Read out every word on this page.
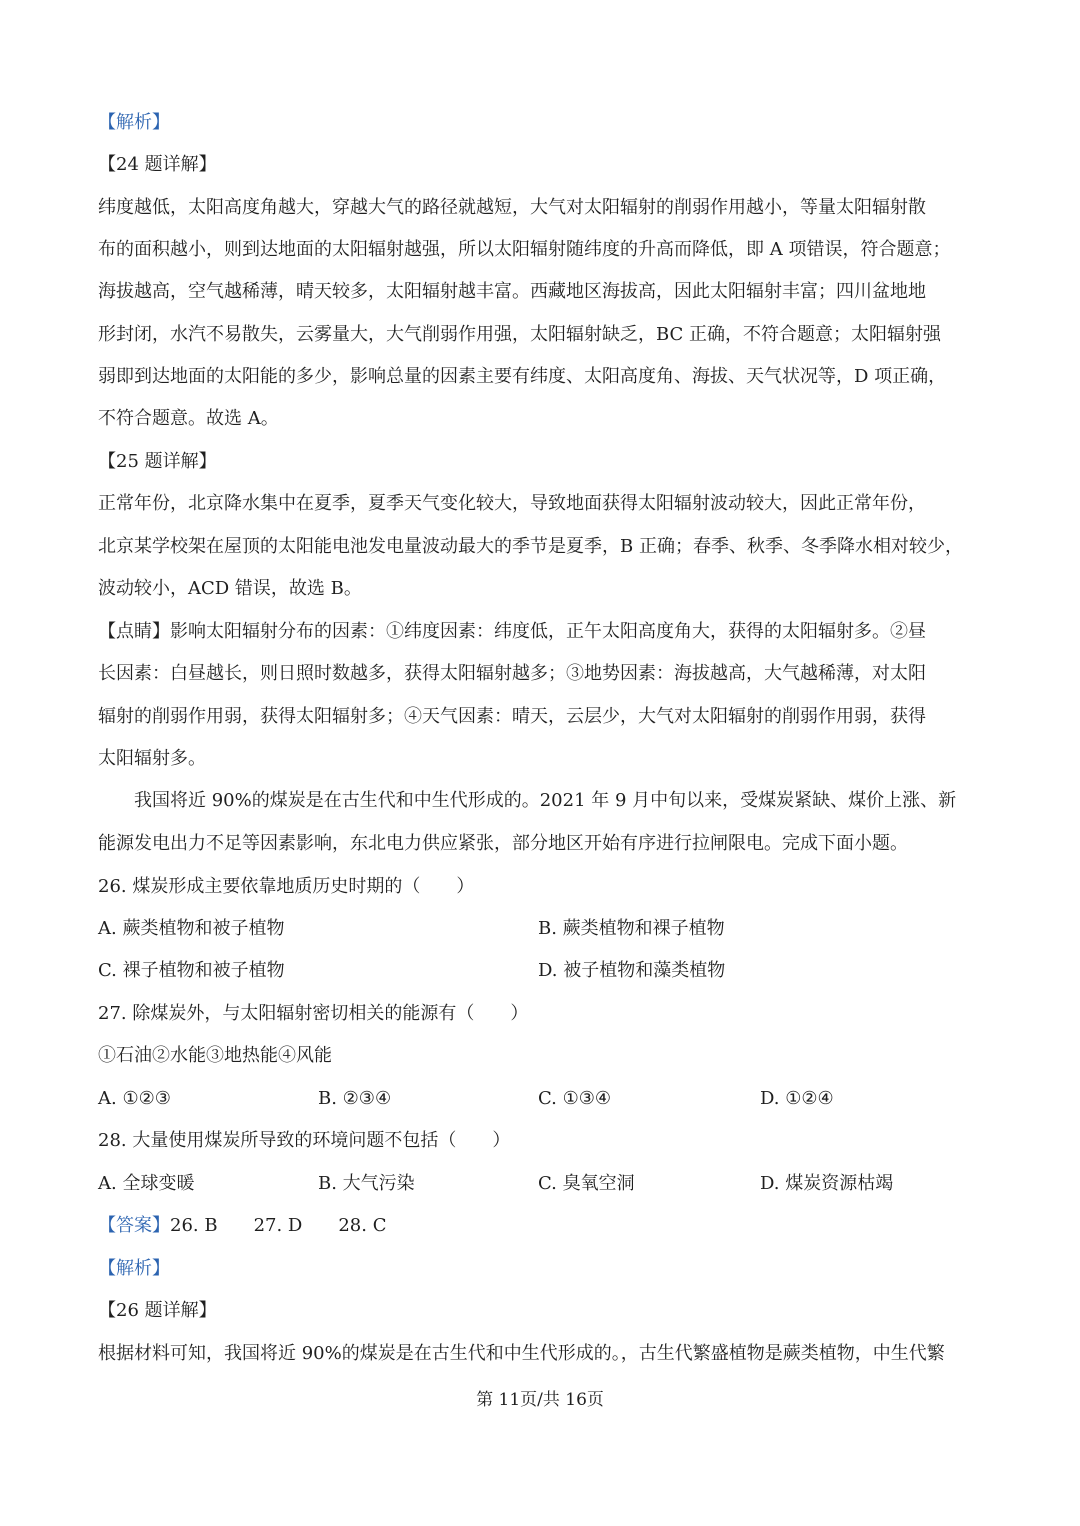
【解析】
【24 题详解】
纬度越低，太阳高度角越大，穿越大气的路径就越短，大气对太阳辐射的削弱作用越小，等量太阳辐射散
布的面积越小，则到达地面的太阳辐射越强，所以太阳辐射随纬度的升高而降低，即 A 项错误，符合题意；
海拔越高，空气越稀薄，晴天较多，太阳辐射越丰富。西藏地区海拔高，因此太阳辐射丰富；四川盆地地
形封闭，水汽不易散失，云雾量大，大气削弱作用强，太阳辐射缺乏，BC 正确，不符合题意；太阳辐射强
弱即到达地面的太阳能的多少，影响总量的因素主要有纬度、太阳高度角、海拔、天气状况等，D 项正确，
不符合题意。故选 A。
【25 题详解】
正常年份，北京降水集中在夏季，夏季天气变化较大，导致地面获得太阳辐射波动较大，因此正常年份，
北京某学校架在屋顶的太阳能电池发电量波动最大的季节是夏季，B 正确；春季、秋季、冬季降水相对较少，
波动较小，ACD 错误，故选 B。
【点睛】影响太阳辐射分布的因素：①纬度因素：纬度低，正午太阳高度角大，获得的太阳辐射多。②昼
长因素：白昼越长，则日照时数越多，获得太阳辐射越多；③地势因素：海拔越高，大气越稀薄，对太阳
辐射的削弱作用弱，获得太阳辐射多；④天气因素：晴天，云层少，大气对太阳辐射的削弱作用弱，获得
太阳辐射多。
我国将近 90%的煤炭是在古生代和中生代形成的。2021 年 9 月中旬以来，受煤炭紧缺、煤价上涨、新
能源发电出力不足等因素影响，东北电力供应紧张，部分地区开始有序进行拉闸限电。完成下面小题。
26. 煤炭形成主要依靠地质历史时期的（　　）
A. 蕨类植物和被子植物	B. 蕨类植物和裸子植物
C. 裸子植物和被子植物	D. 被子植物和藻类植物
27. 除煤炭外，与太阳辐射密切相关的能源有（　　）
①石油②水能③地热能④风能
A. ①②③	B. ②③④	C. ①③④	D. ①②④
28. 大量使用煤炭所导致的环境问题不包括（　　）
A. 全球变暖	B. 大气污染	C. 臭氧空洞	D. 煤炭资源枯竭
【答案】26. B 27. D 28. C
【解析】
【26 题详解】
根据材料可知，我国将近 90%的煤炭是在古生代和中生代形成的。，古生代繁盛植物是蕨类植物，中生代繁
第 11页/共 16页
